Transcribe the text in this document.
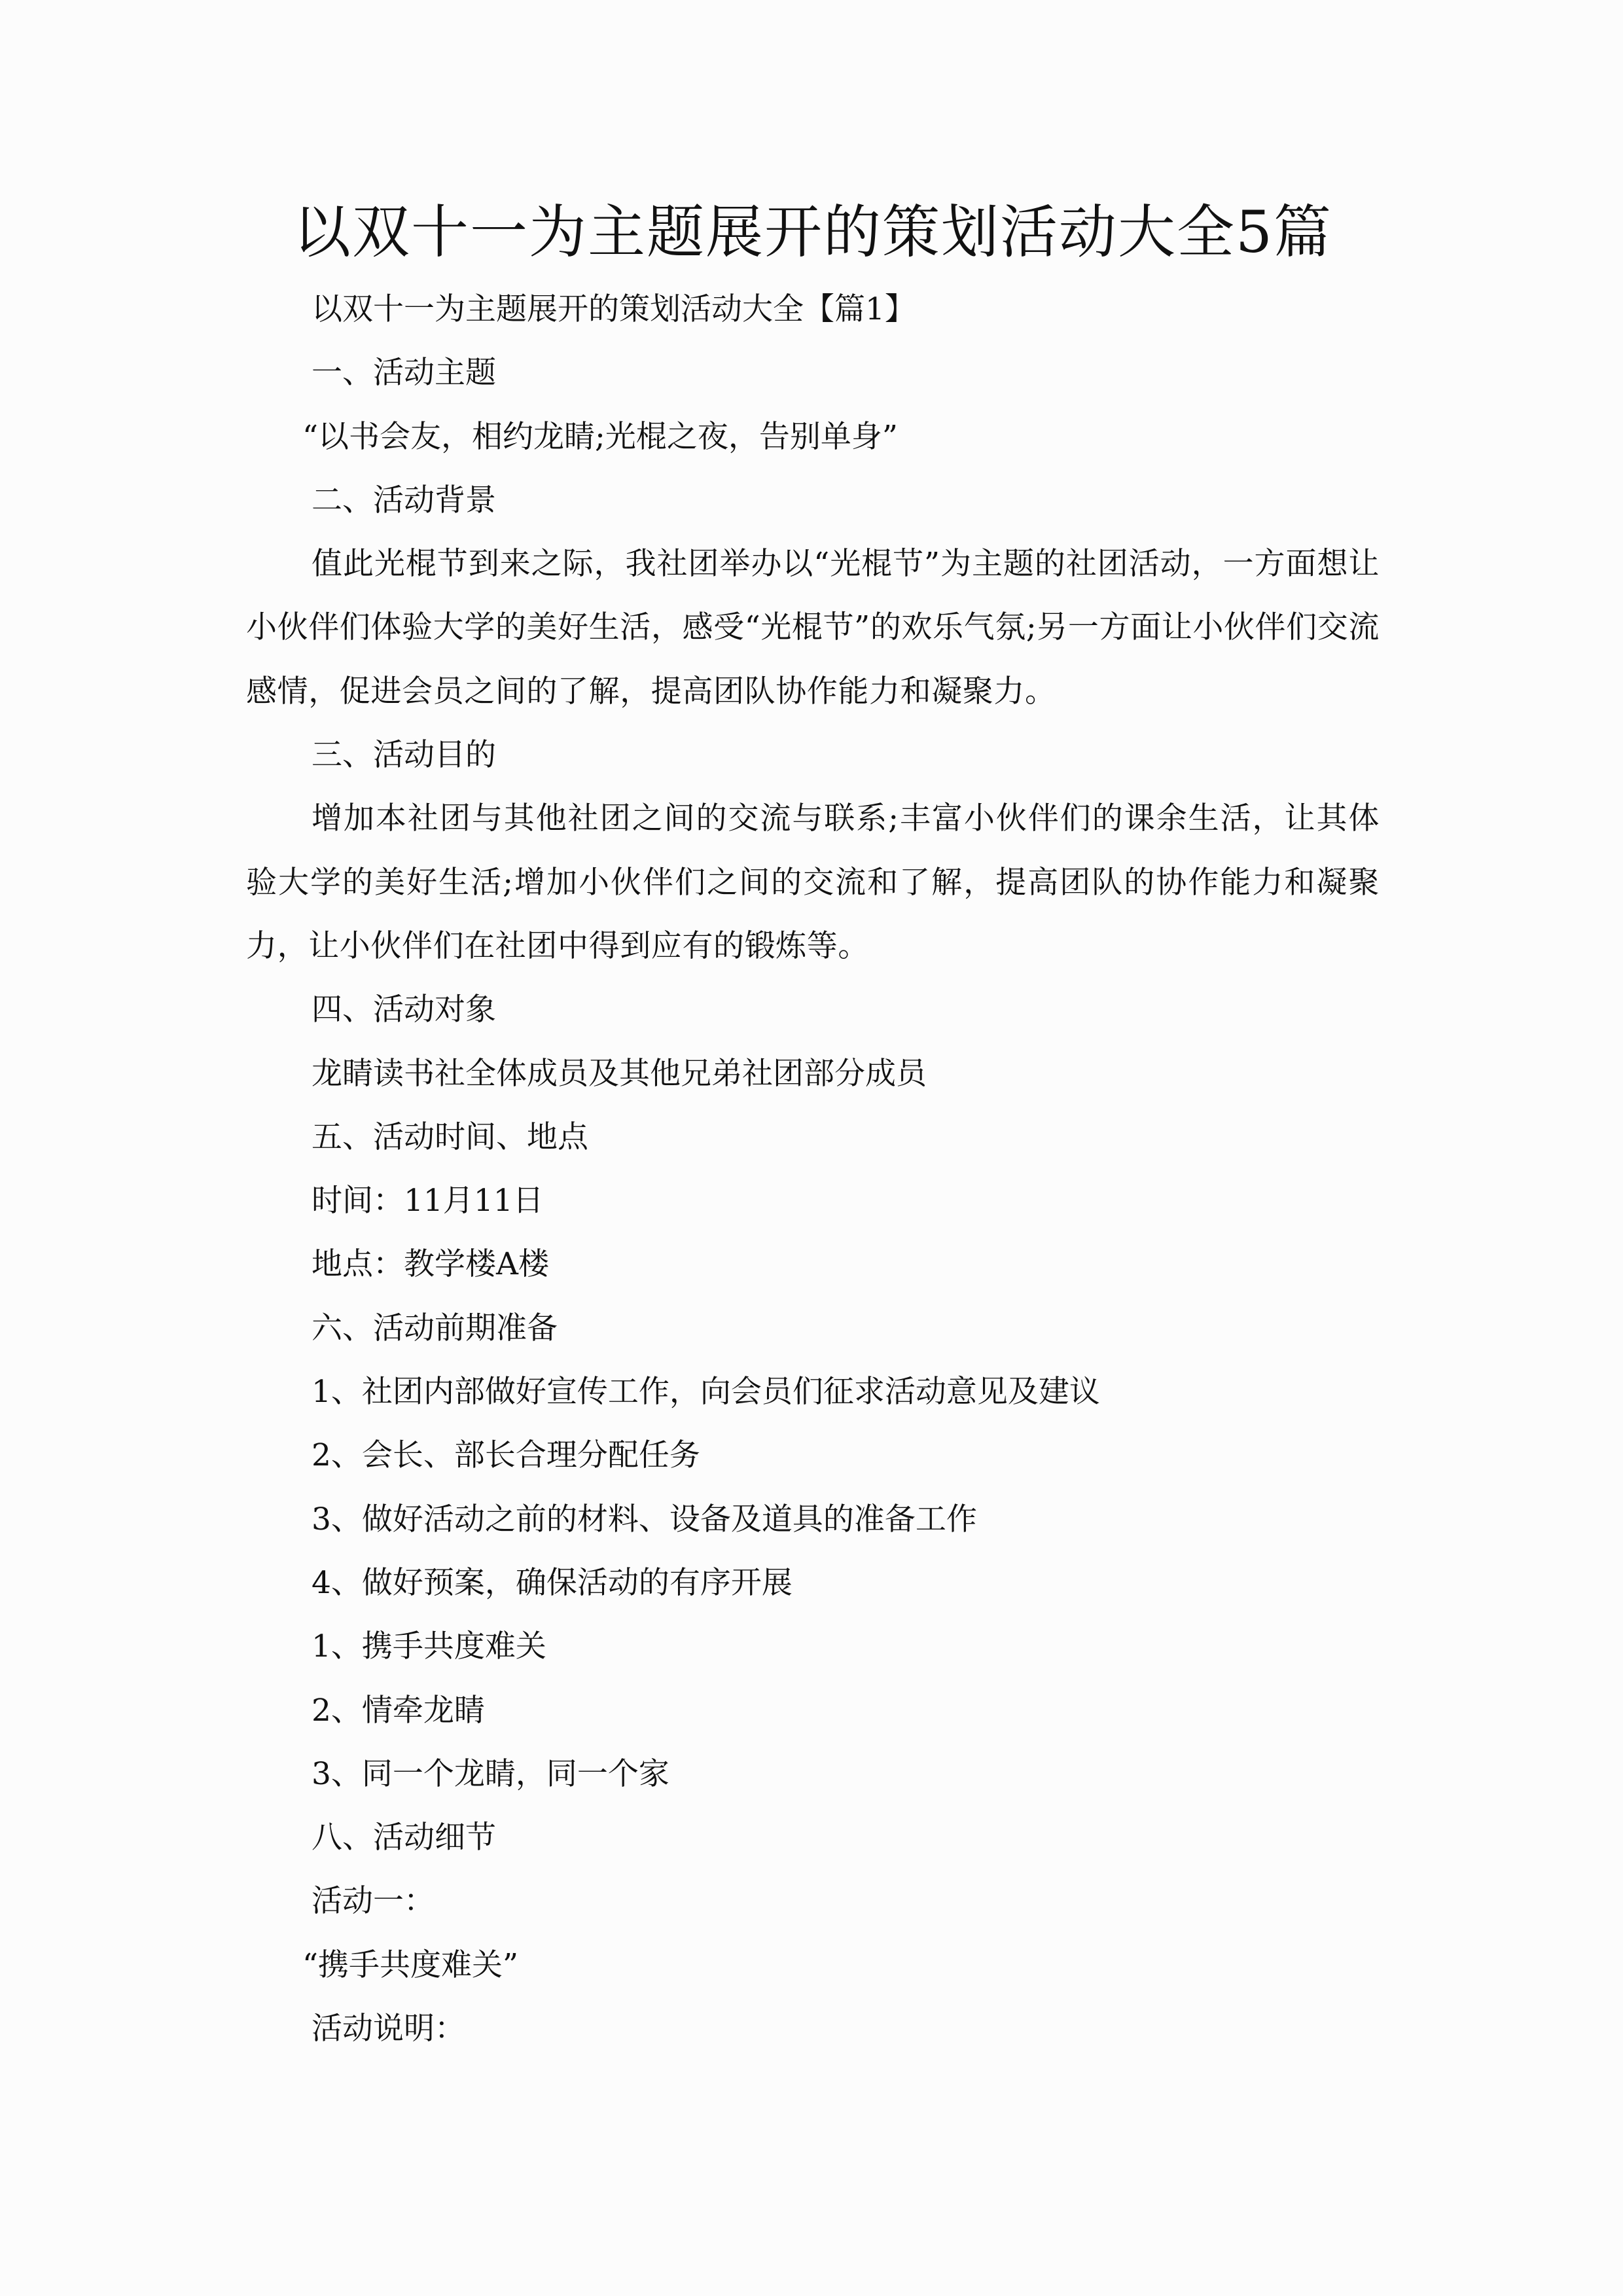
以双十一为主题展开的策划活动大全5篇

以双十一为主题展开的策划活动大全【篇1】

一、活动主题

“以书会友，相约龙睛;光棍之夜，告别单身”

二、活动背景

值此光棍节到来之际，我社团举办以“光棍节”为主题的社团活动，一方面想让小伙伴们体验大学的美好生活，感受“光棍节”的欢乐气氛;另一方面让小伙伴们交流感情，促进会员之间的了解，提高团队协作能力和凝聚力。

三、活动目的

增加本社团与其他社团之间的交流与联系;丰富小伙伴们的课余生活，让其体验大学的美好生活;增加小伙伴们之间的交流和了解，提高团队的协作能力和凝聚力，让小伙伴们在社团中得到应有的锻炼等。

四、活动对象

龙睛读书社全体成员及其他兄弟社团部分成员

五、活动时间、地点

时间：11月11日

地点：教学楼A楼

六、活动前期准备

1、社团内部做好宣传工作，向会员们征求活动意见及建议

2、会长、部长合理分配任务

3、做好活动之前的材料、设备及道具的准备工作

4、做好预案，确保活动的有序开展

1、携手共度难关

2、情牵龙睛

3、同一个龙睛，同一个家

八、活动细节

活动一：

“携手共度难关”

活动说明：
